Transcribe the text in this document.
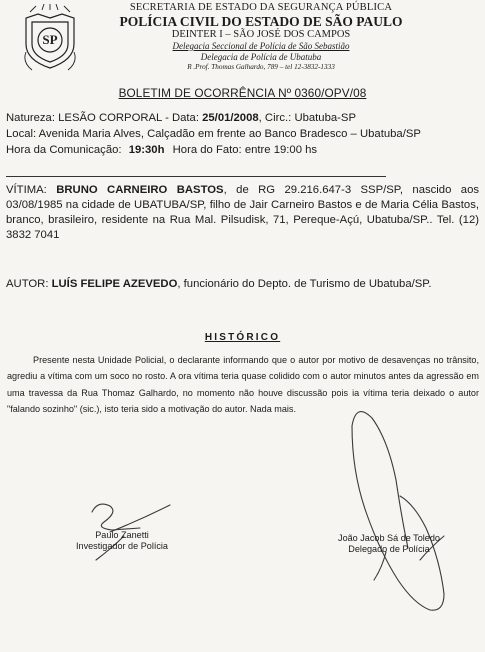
SP
SECRETARIA DE ESTADO DA SEGURANÇA PÚBLICA
POLÍCIA CIVIL DO ESTADO DE SÃO PAULO
DEINTER I – SÃO JOSÉ DOS CAMPOS
Delegacia Seccional de Polícia de São Sebastião
Delegacia de Polícia de Ubatuba
R .Prof. Thomas Galhardo, 789 – tel 12-3832-1333
BOLETIM DE OCORRÊNCIA Nº 0360/OPV/08
Natureza: LESÃO CORPORAL - Data: 25/01/2008, Circ.: Ubatuba-SP
Local: Avenida Maria Alves, Calçadão em frente ao Banco Bradesco – Ubatuba/SP
Hora da Comunicação: 19:30h Hora do Fato: entre 19:00 hs
VÍTIMA: BRUNO CARNEIRO BASTOS, de RG 29.216.647-3 SSP/SP, nascido aos 03/08/1985 na cidade de UBATUBA/SP, filho de Jair Carneiro Bastos e de Maria Célia Bastos, branco, brasileiro, residente na Rua Mal. Pilsudisk, 71, Pereque-Açú, Ubatuba/SP.. Tel. (12) 3832 7041
AUTOR: LUÍS FELIPE AZEVEDO, funcionário do Depto. de Turismo de Ubatuba/SP.
HISTÓRICO
Presente nesta Unidade Policial, o declarante informando que o autor por motivo de desavenças no trânsito, agrediu a vítima com um soco no rosto. A ora vítima teria quase colidido com o autor minutos antes da agressão em uma travessa da Rua Thomaz Galhardo, no momento não houve discussão pois ia vítima teria deixado o autor "falando sozinho" (sic.), isto teria sido a motivação do autor. Nada mais.
Paulo Zanetti
Investigador de Polícia
João Jacob Sá de Toledo
Delegado de Polícia
